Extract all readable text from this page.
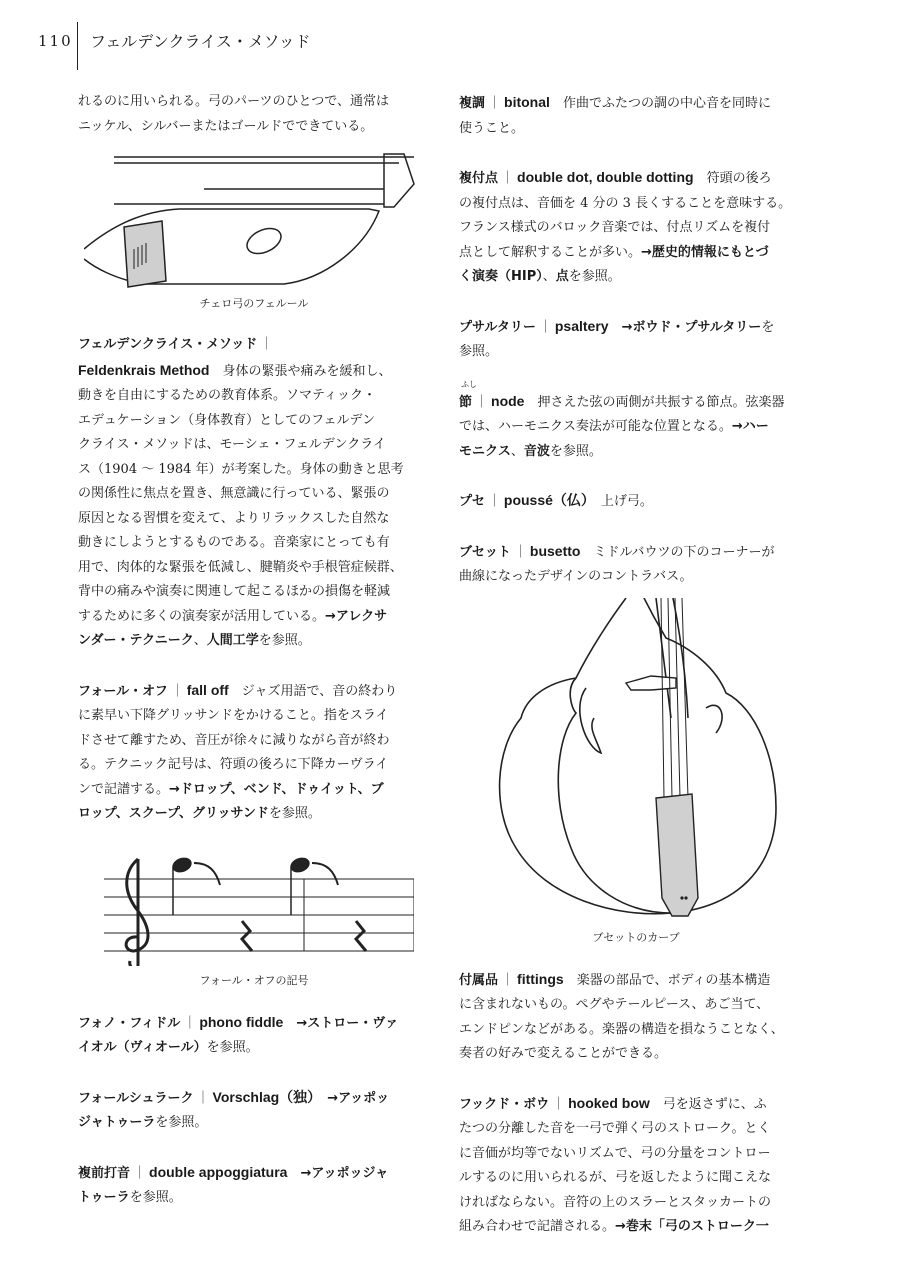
110 フェルデンクライス・メソッド

れるのに用いられる。弓のパーツのひとつで、通常は
ニッケル、シルバーまたはゴールドでできている。

チェロ弓のフェルール

フェルデンクライス・メソッド ｜
Feldenkrais Method　 身体の緊張や痛みを緩和し、
動きを自由にするための教育体系。ソマティック・
エデュケーション（身体教育）としてのフェルデン
クライス・メソッドは、モーシェ・フェルデンクライ
ス（1904 〜 1984 年）が考案した。身体の動きと思考
の関係性に焦点を置き、無意識に行っている、緊張の
原因となる習慣を変えて、よりリラックスした自然な
動きにしようとするものである。音楽家にとっても有
用で、肉体的な緊張を低減し、腱鞘炎や手根管症候群、
背中の痛みや演奏に関連して起こるほかの損傷を軽減
するために多くの演奏家が活用している。→アレクサ
ンダー・テクニーク、人間工学を参照。

フォール・オフ ｜ fall off　 ジャズ用語で、音の終わり
に素早い下降グリッサンドをかけること。指をスライ
ドさせて離すため、音圧が徐々に減りながら音が終わ
る。テクニック記号は、符頭の後ろに下降カーヴライ
ンで記譜する。→ドロップ、ベンド、ドゥイット、ブ
ロップ、スクープ、グリッサンドを参照。

フォール・オフの記号

フォノ・フィドル ｜ phono fiddle　 →ストロー・ヴァ
イオル（ヴィオール）を参照。

フォールシュラーク ｜ Vorschlag（独）　 →アッポッ
ジャトゥーラを参照。

複前打音 ｜ double appoggiatura　 →アッポッジャ
トゥーラを参照。

複調 ｜ bitonal　 作曲でふたつの調の中心音を同時に
使うこと。

複付点 ｜ double dot, double dotting　 符頭の後ろ
の複付点は、音価を 4 分の 3 長くすることを意味する。
フランス様式のバロック音楽では、付点リズムを複付
点として解釈することが多い。→歴史的情報にもとづ
く演奏（HIP）、点を参照。

プサルタリー ｜ psaltery　 →ボウド・プサルタリーを
参照。

ふし
節 ｜ node　 押さえた弦の両側が共振する節点。弦楽器
では、ハーモニクス奏法が可能な位置となる。→ハー
モニクス、音波を参照。

プセ ｜ poussé（仏）　 上げ弓。

ブセット ｜ busetto　 ミドルバウツの下のコーナーが
曲線になったデザインのコントラバス。

ブセットのカーブ

付属品 ｜ fittings　 楽器の部品で、ボディの基本構造
に含まれないもの。ペグやテールピース、あご当て、
エンドピンなどがある。楽器の構造を損なうことなく、
奏者の好みで変えることができる。

フックド・ボウ ｜ hooked bow　 弓を返さずに、ふ
たつの分離した音を一弓で弾く弓のストローク。とく
に音価が均等でないリズムで、弓の分量をコントロー
ルするのに用いられるが、弓を返したように聞こえな
ければならない。音符の上のスラーとスタッカートの
組み合わせで記譜される。→巻末「弓のストローク一
